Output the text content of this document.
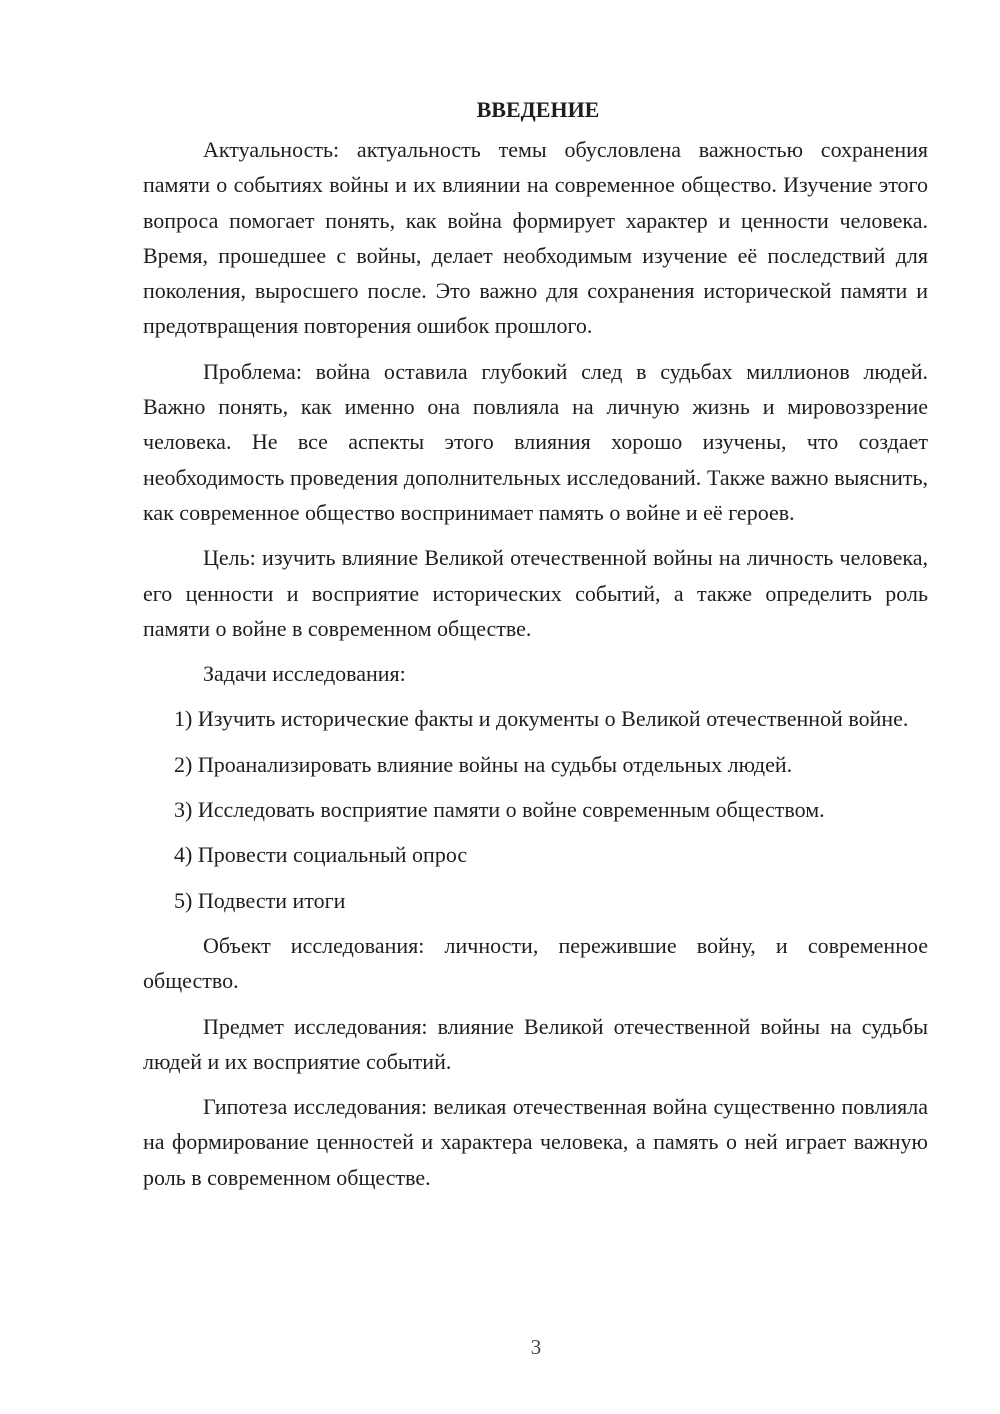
ВВЕДЕНИЕ

Актуальность: актуальность темы обусловлена важностью сохранения памяти о событиях войны и их влиянии на современное общество. Изучение этого вопроса помогает понять, как война формирует характер и ценности человека. Время, прошедшее с войны, делает необходимым изучение её последствий для поколения, выросшего после. Это важно для сохранения исторической памяти и предотвращения повторения ошибок прошлого.

Проблема: война оставила глубокий след в судьбах миллионов людей. Важно понять, как именно она повлияла на личную жизнь и мировоззрение человека. Не все аспекты этого влияния хорошо изучены, что создает необходимость проведения дополнительных исследований. Также важно выяснить, как современное общество воспринимает память о войне и её героев.

Цель: изучить влияние Великой отечественной войны на личность человека, его ценности и восприятие исторических событий, а также определить роль памяти о войне в современном обществе.

Задачи исследования:

1) Изучить исторические факты и документы о Великой отечественной войне.

2) Проанализировать влияние войны на судьбы отдельных людей.

3) Исследовать восприятие памяти о войне современным обществом.

4) Провести социальный опрос

5) Подвести итоги

Объект исследования: личности, пережившие войну, и современное общество.

Предмет исследования: влияние Великой отечественной войны на судьбы людей и их восприятие событий.

Гипотеза исследования: великая отечественная война существенно повлияла на формирование ценностей и характера человека, а память о ней играет важную роль в современном обществе.

3
